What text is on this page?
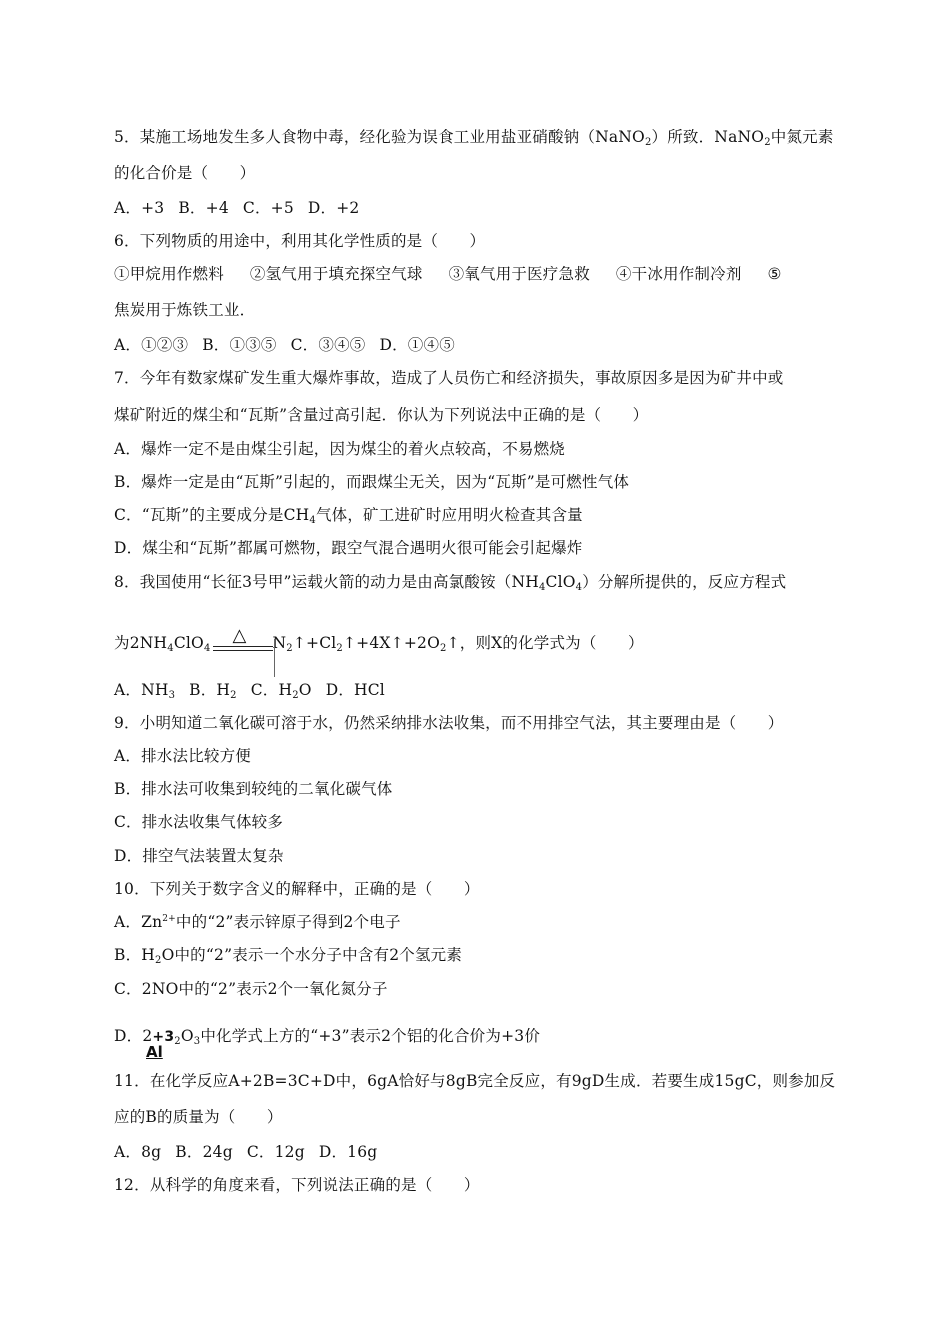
5．某施工场地发生多人食物中毒，经化验为误食工业用盐亚硝酸钠（NaNO$_2$）所致．NaNO$_2$中氮元素
的化合价是（　　）
A．+3 B．+4 C．+5 D．+2
6．下列物质的用途中，利用其化学性质的是（　　）
①甲烷用作燃料 ②氢气用于填充探空气球 ③氧气用于医疗急救 ④干冰用作制冷剂 ⑤
焦炭用于炼铁工业．
A．①②③ B．①③⑤ C．③④⑤ D．①④⑤
7．今年有数家煤矿发生重大爆炸事故，造成了人员伤亡和经济损失，事故原因多是因为矿井中或
煤矿附近的煤尘和“瓦斯”含量过高引起．你认为下列说法中正确的是（　　）
A．爆炸一定不是由煤尘引起，因为煤尘的着火点较高，不易燃烧
B．爆炸一定是由“瓦斯”引起的，而跟煤尘无关，因为“瓦斯”是可燃性气体
C．“瓦斯”的主要成分是$CH_4$气体，矿工进矿时应用明火检查其含量
D．煤尘和“瓦斯”都属可燃物，跟空气混合遇明火很可能会引起爆炸
8．我国使用“长征3号甲”运载火箭的动力是由高氯酸铵$(NH_4ClO_4)$分解所提供的，反应方程式
为$2NH_4ClO_4$
△ $N_2↑+Cl_2↑+4X↑+2O_2↑$，则X的化学式为（　　）
A．$NH_3$ B．$H_2$ C．$H_2O$ D．HCl
9．小明知道二氧化碳可溶于水，仍然采纳排水法收集，而不用排空气法，其主要理由是（　　）
A．排水法比较方便
B．排水法可收集到较纯的二氧化碳气体
C．排水法收集气体较多
D．排空气法装置太复杂
10．下列关于数字含义的解释中，正确的是（　　）
A．$Zn^{2+}$中的“2”表示锌原子得到2个电子
B．$H_2O$中的“2”表示一个水分子中含有2个氢元素
C．2NO中的“2”表示2个一氧化氮分子
D．$2+3_2O_3$中化学式上方的“+3”表示2个铝的化合价为+3价
Al
11．在化学反应A+2B=3C+D中，6gA恰好与8gB完全反应，有9gD生成．若要生成15gC，则参加反
应的B的质量为（　　）
A．8g B．24g C．12g D．16g
12．从科学的角度来看，下列说法正确的是（　　）
